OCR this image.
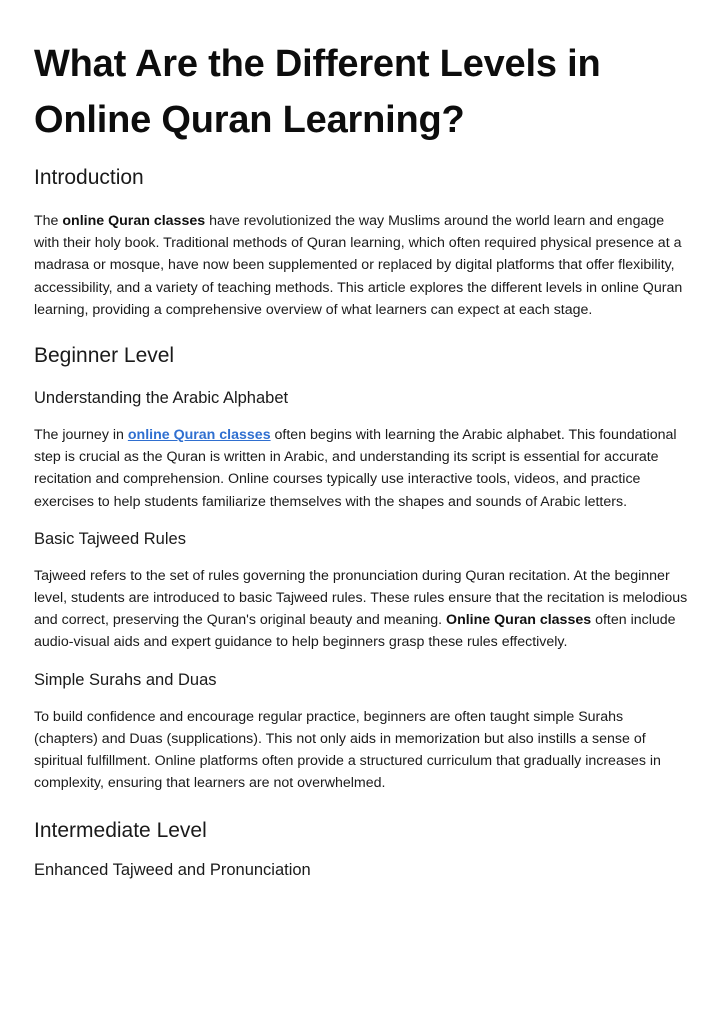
What Are the Different Levels in Online Quran Learning?
Introduction

The online Quran classes have revolutionized the way Muslims around the world learn and engage with their holy book. Traditional methods of Quran learning, which often required physical presence at a madrasa or mosque, have now been supplemented or replaced by digital platforms that offer flexibility, accessibility, and a variety of teaching methods. This article explores the different levels in online Quran learning, providing a comprehensive overview of what learners can expect at each stage.

Beginner Level
Understanding the Arabic Alphabet

The journey in online Quran classes often begins with learning the Arabic alphabet. This foundational step is crucial as the Quran is written in Arabic, and understanding its script is essential for accurate recitation and comprehension. Online courses typically use interactive tools, videos, and practice exercises to help students familiarize themselves with the shapes and sounds of Arabic letters.

Basic Tajweed Rules

Tajweed refers to the set of rules governing the pronunciation during Quran recitation. At the beginner level, students are introduced to basic Tajweed rules. These rules ensure that the recitation is melodious and correct, preserving the Quran's original beauty and meaning. Online Quran classes often include audio-visual aids and expert guidance to help beginners grasp these rules effectively.

Simple Surahs and Duas

To build confidence and encourage regular practice, beginners are often taught simple Surahs (chapters) and Duas (supplications). This not only aids in memorization but also instills a sense of spiritual fulfillment. Online platforms often provide a structured curriculum that gradually increases in complexity, ensuring that learners are not overwhelmed.

Intermediate Level
Enhanced Tajweed and Pronunciation
